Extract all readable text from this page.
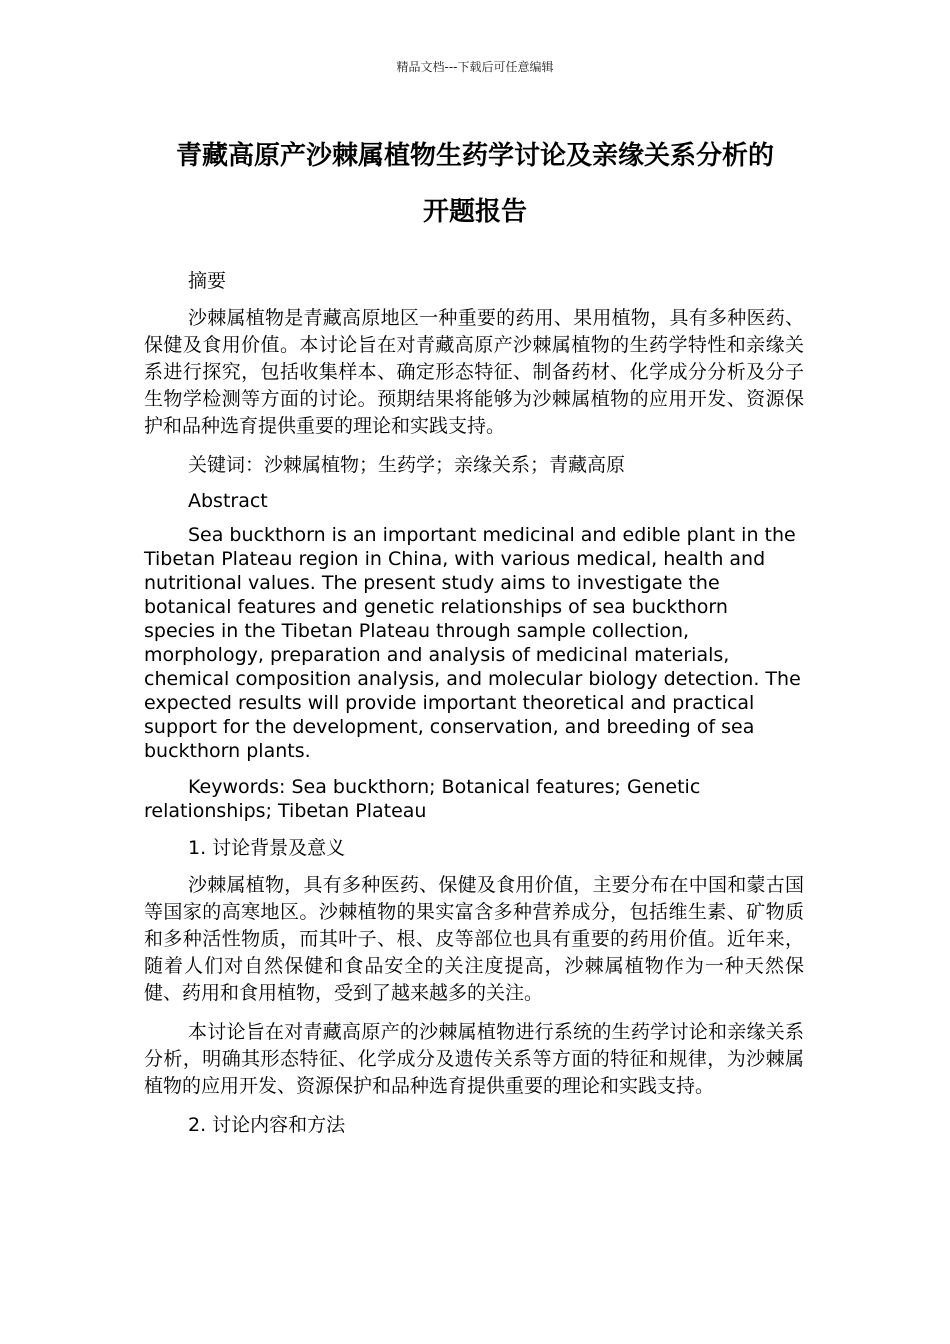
精品文档---下载后可任意编辑
青藏高原产沙棘属植物生药学讨论及亲缘关系分析的
开题报告

摘要

沙棘属植物是青藏高原地区一种重要的药用、果用植物，具有多种医药、保健及食用价值。本讨论旨在对青藏高原产沙棘属植物的生药学特性和亲缘关系进行探究，包括收集样本、确定形态特征、制备药材、化学成分分析及分子生物学检测等方面的讨论。预期结果将能够为沙棘属植物的应用开发、资源保护和品种选育提供重要的理论和实践支持。

关键词：沙棘属植物；生药学；亲缘关系；青藏高原

Abstract

Sea buckthorn is an important medicinal and edible plant in the Tibetan Plateau region in China, with various medical, health and nutritional values. The present study aims to investigate the botanical features and genetic relationships of sea buckthorn species in the Tibetan Plateau through sample collection, morphology, preparation and analysis of medicinal materials, chemical composition analysis, and molecular biology detection. The expected results will provide important theoretical and practical support for the development, conservation, and breeding of sea buckthorn plants.

Keywords: Sea buckthorn; Botanical features; Genetic relationships; Tibetan Plateau

1. 讨论背景及意义

沙棘属植物，具有多种医药、保健及食用价值，主要分布在中国和蒙古国等国家的高寒地区。沙棘植物的果实富含多种营养成分，包括维生素、矿物质和多种活性物质，而其叶子、根、皮等部位也具有重要的药用价值。近年来，随着人们对自然保健和食品安全的关注度提高，沙棘属植物作为一种天然保健、药用和食用植物，受到了越来越多的关注。

本讨论旨在对青藏高原产的沙棘属植物进行系统的生药学讨论和亲缘关系分析，明确其形态特征、化学成分及遗传关系等方面的特征和规律，为沙棘属植物的应用开发、资源保护和品种选育提供重要的理论和实践支持。

2. 讨论内容和方法
